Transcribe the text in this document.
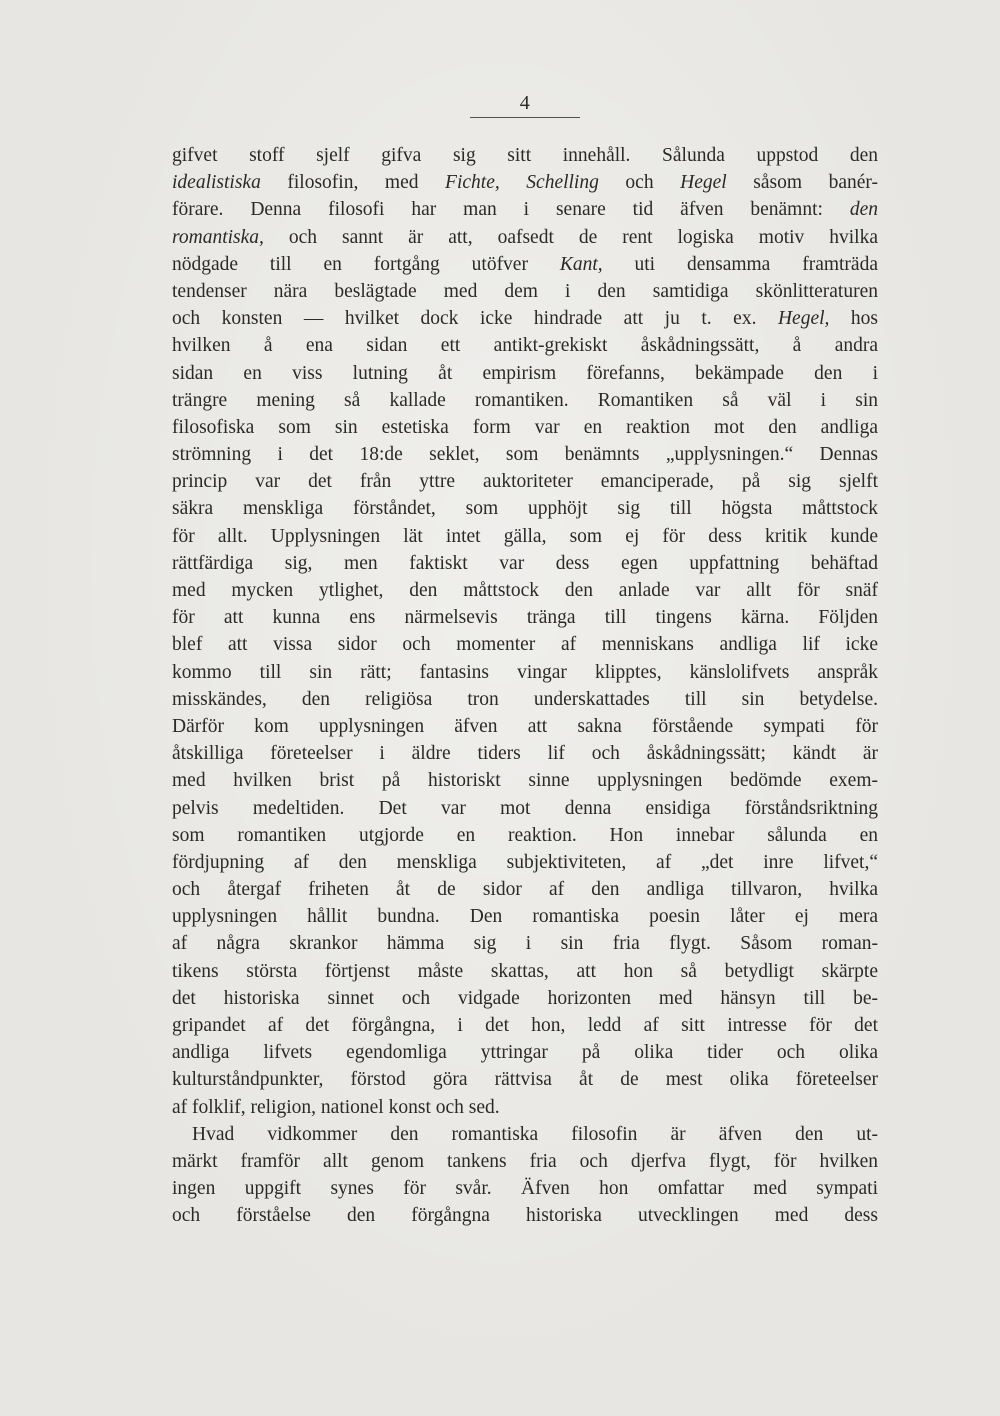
4
gifvet stoff sjelf gifva sig sitt innehåll. Sålunda uppstod den
idealistiska filosofin, med Fichte, Schelling och Hegel såsom banér-
förare. Denna filosofi har man i senare tid äfven benämnt: den
romantiska, och sannt är att, oafsedt de rent logiska motiv hvilka
nödgade till en fortgång utöfver Kant, uti densamma framträda
tendenser nära beslägtade med dem i den samtidiga skönlitteraturen
och konsten — hvilket dock icke hindrade att ju t. ex. Hegel, hos
hvilken å ena sidan ett antikt-grekiskt åskådningssätt, å andra
sidan en viss lutning åt empirism förefanns, bekämpade den i
trängre mening så kallade romantiken. Romantiken så väl i sin
filosofiska som sin estetiska form var en reaktion mot den andliga
strömning i det 18:de seklet, som benämnts „upplysningen.“ Dennas
princip var det från yttre auktoriteter emanciperade, på sig sjelft
säkra menskliga förståndet, som upphöjt sig till högsta måttstock
för allt. Upplysningen lät intet gälla, som ej för dess kritik kunde
rättfärdiga sig, men faktiskt var dess egen uppfattning behäftad
med mycken ytlighet, den måttstock den anlade var allt för snäf
för att kunna ens närmelsevis tränga till tingens kärna. Följden
blef att vissa sidor och momenter af menniskans andliga lif icke
kommo till sin rätt; fantasins vingar klipptes, känslolifvets anspråk
misskändes, den religiösa tron underskattades till sin betydelse.
Därför kom upplysningen äfven att sakna förstående sympati för
åtskilliga företeelser i äldre tiders lif och åskådningssätt; kändt är
med hvilken brist på historiskt sinne upplysningen bedömde exem-
pelvis medeltiden. Det var mot denna ensidiga förståndsriktning
som romantiken utgjorde en reaktion. Hon innebar sålunda en
fördjupning af den menskliga subjektiviteten, af „det inre lifvet,“
och återgaf friheten åt de sidor af den andliga tillvaron, hvilka
upplysningen hållit bundna. Den romantiska poesin låter ej mera
af några skrankor hämma sig i sin fria flygt. Såsom roman-
tikens största förtjenst måste skattas, att hon så betydligt skärpte
det historiska sinnet och vidgade horizonten med hänsyn till be-
gripandet af det förgångna, i det hon, ledd af sitt intresse för det
andliga lifvets egendomliga yttringar på olika tider och olika
kulturståndpunkter, förstod göra rättvisa åt de mest olika företeelser
af folklif, religion, nationel konst och sed.
Hvad vidkommer den romantiska filosofin är äfven den ut-
märkt framför allt genom tankens fria och djerfva flygt, för hvilken
ingen uppgift synes för svår. Äfven hon omfattar med sympati
och förståelse den förgångna historiska utvecklingen med dess
